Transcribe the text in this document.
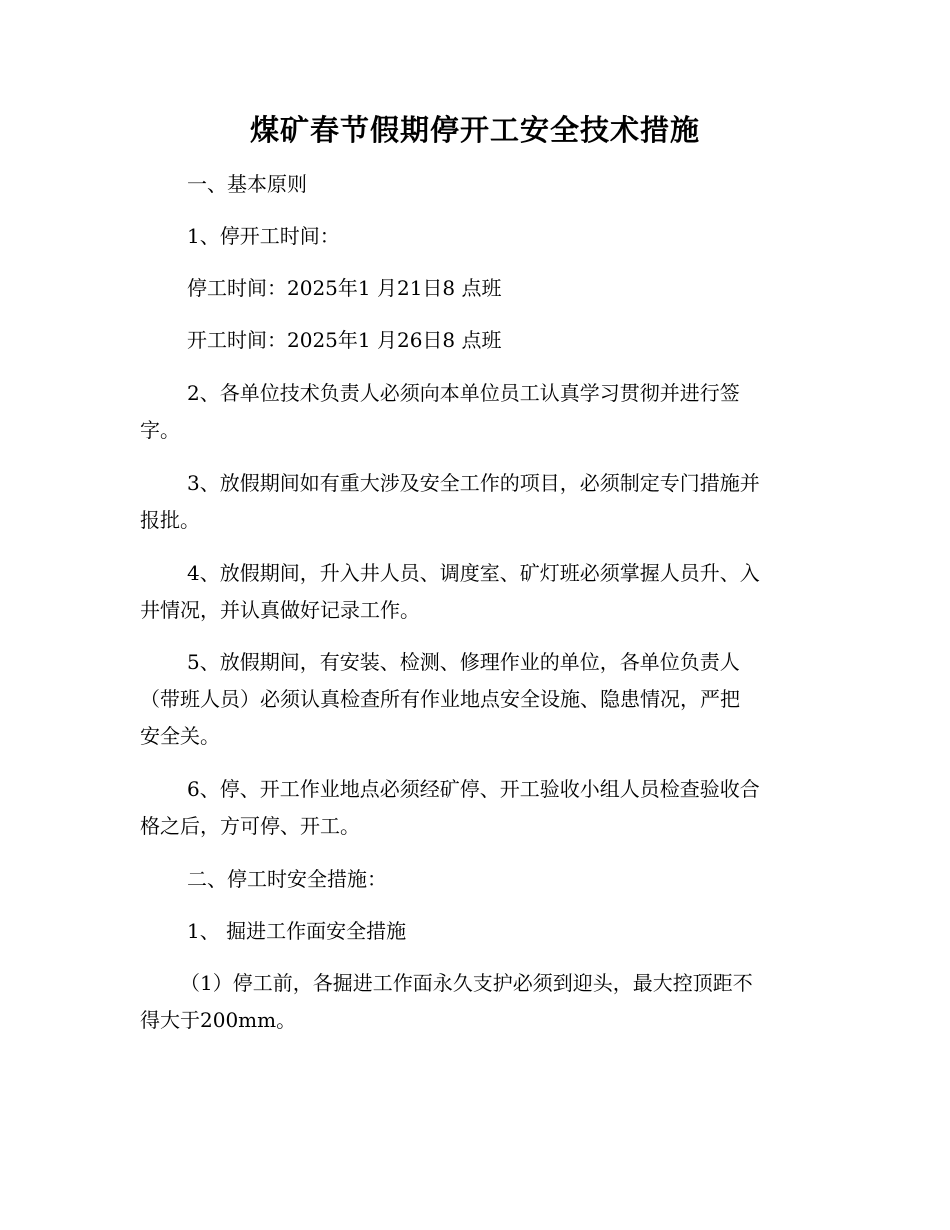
煤矿春节假期停开工安全技术措施
一、基本原则
1、停开工时间：
停工时间：2025年1 月21日8 点班
开工时间：2025年1 月26日8 点班
2、各单位技术负责人必须向本单位员工认真学习贯彻并进行签
字。
3、放假期间如有重大涉及安全工作的项目，必须制定专门措施并
报批。
4、放假期间，升入井人员、调度室、矿灯班必须掌握人员升、入
井情况，并认真做好记录工作。
5、放假期间，有安装、检测、修理作业的单位，各单位负责人
（带班人员）必须认真检查所有作业地点安全设施、隐患情况，严把
安全关。
6、停、开工作业地点必须经矿停、开工验收小组人员检查验收合
格之后，方可停、开工。
二、停工时安全措施：
1、 掘进工作面安全措施
（1）停工前，各掘进工作面永久支护必须到迎头，最大控顶距不
得大于200mm。
